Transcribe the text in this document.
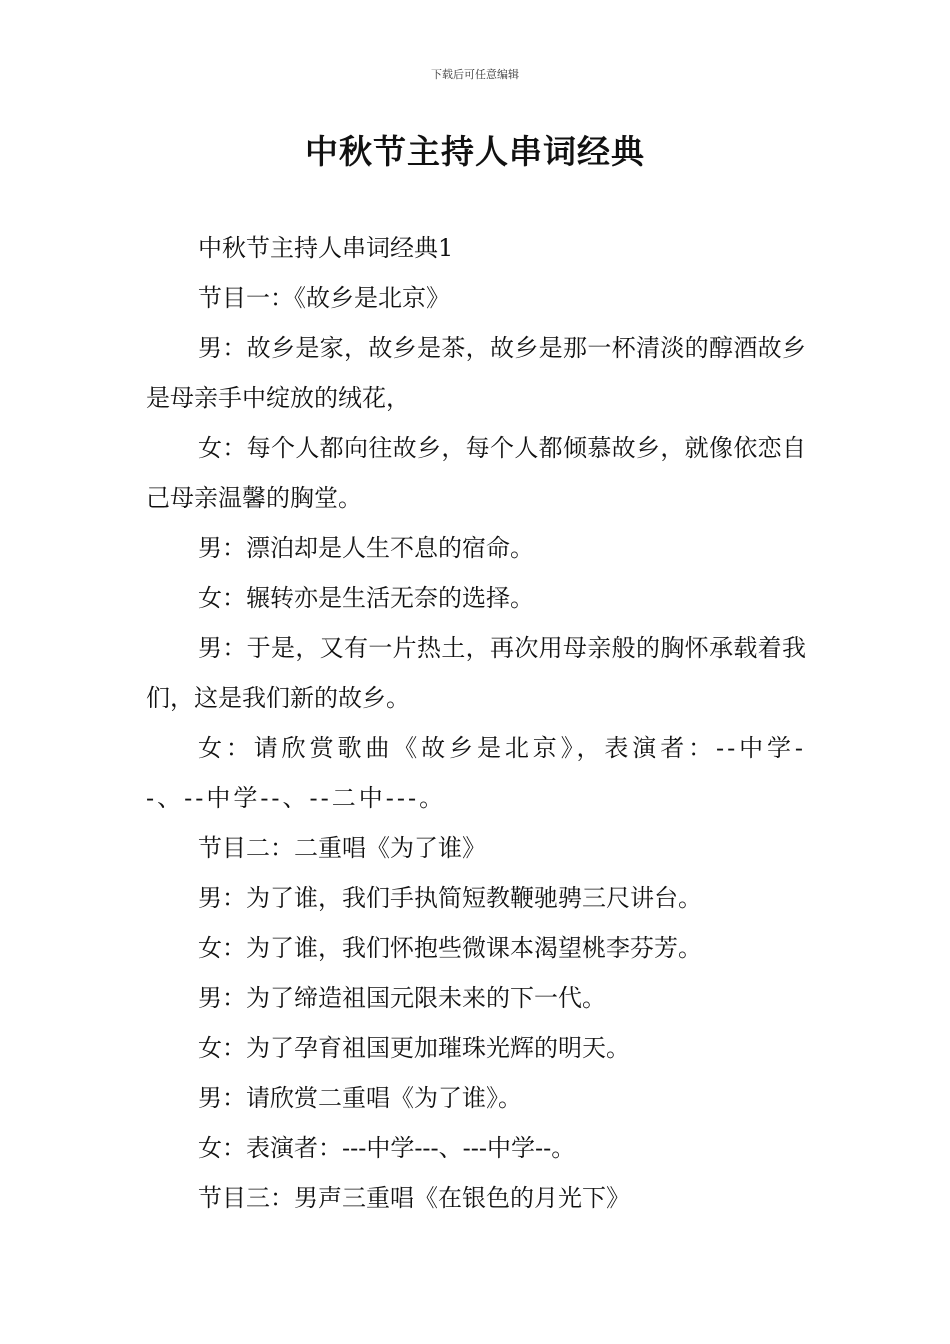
下载后可任意编辑
中秋节主持人串词经典

中秋节主持人串词经典1

节目一：《故乡是北京》

男：故乡是家，故乡是茶，故乡是那一杯清淡的醇酒故乡是母亲手中绽放的绒花，

女：每个人都向往故乡，每个人都倾慕故乡，就像依恋自己母亲温馨的胸堂。

男：漂泊却是人生不息的宿命。

女：辗转亦是生活无奈的选择。

男：于是，又有一片热土，再次用母亲般的胸怀承载着我们，这是我们新的故乡。

女：请欣赏歌曲《故乡是北京》，表演者：--中学--、--中学--、--二中---。

节目二：二重唱《为了谁》

男：为了谁，我们手执简短教鞭驰骋三尺讲台。

女：为了谁，我们怀抱些微课本渴望桃李芬芳。

男：为了缔造祖国元限未来的下一代。

女：为了孕育祖国更加璀珠光辉的明天。

男：请欣赏二重唱《为了谁》。

女：表演者：---中学---、---中学--。

节目三：男声三重唱《在银色的月光下》
